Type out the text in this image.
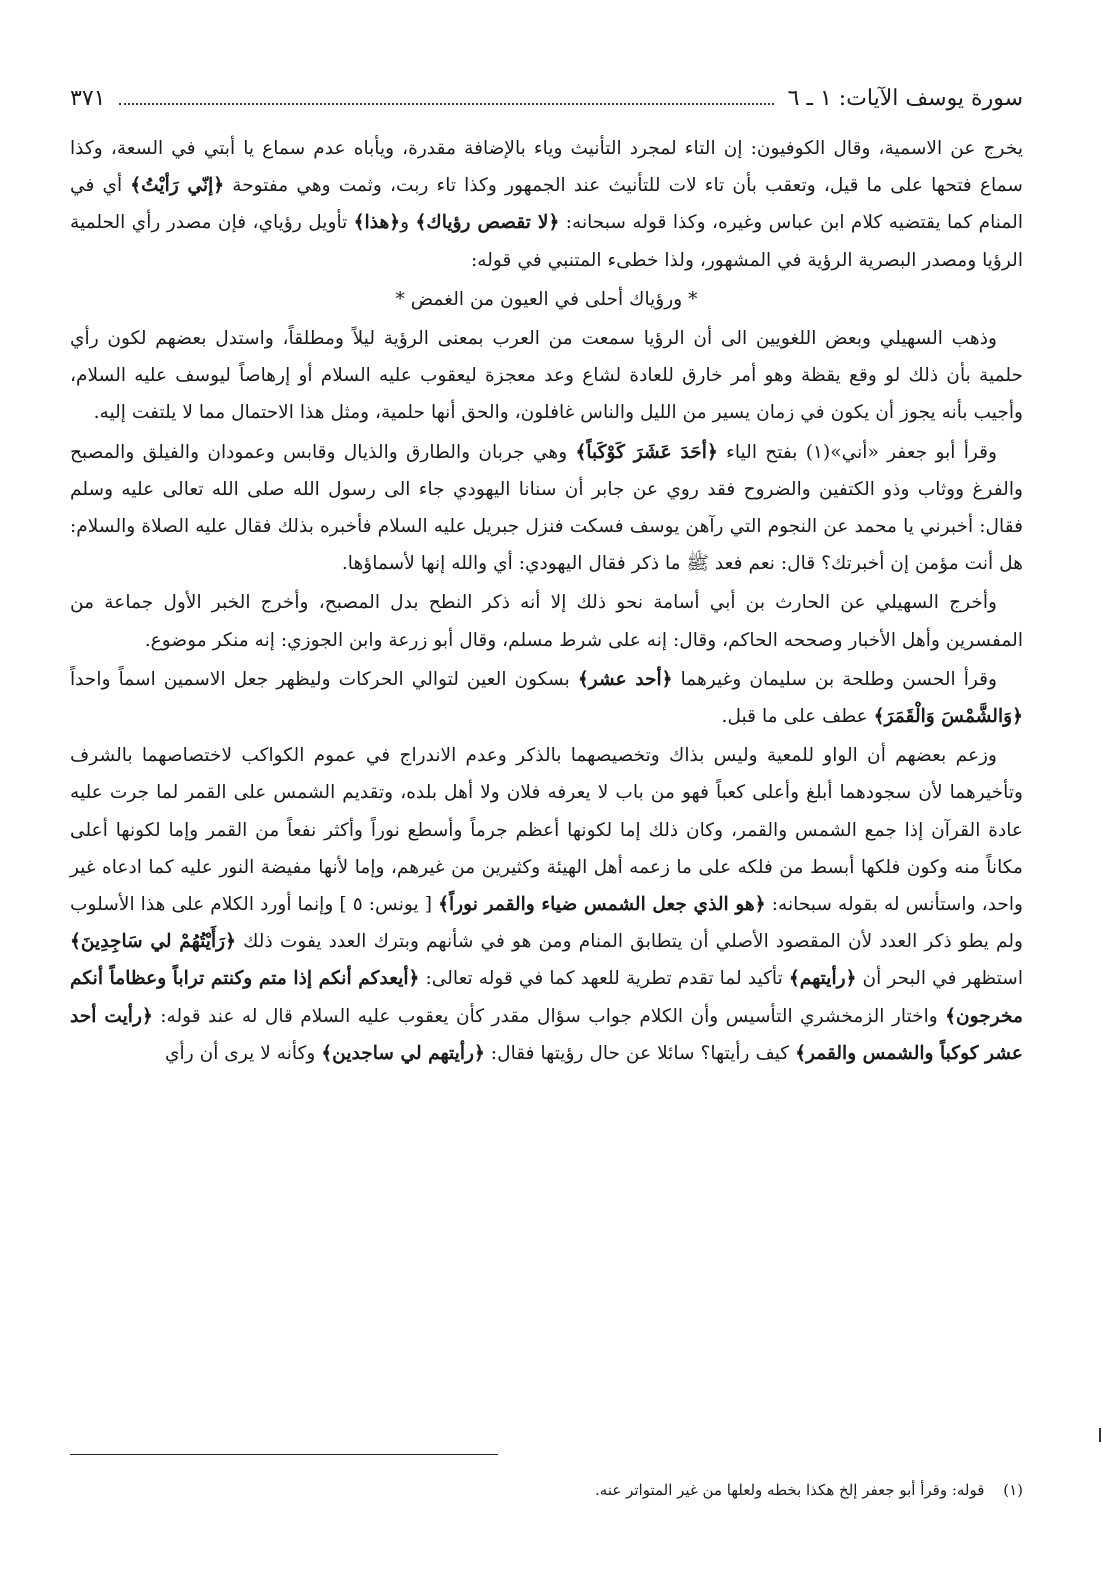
سورة يوسف الآيات: ١ ـ ٦
٣٧١

يخرج عن الاسمية، وقال الكوفيون: إن التاء لمجرد التأنيث وياء بالإضافة مقدرة، ويأباه عدم سماع يا أبتي في السعة، وكذا سماع فتحها على ما قيل، وتعقب بأن تاء لات للتأنيث عند الجمهور وكذا تاء ربت، وثمت وهي مفتوحة ﴿إنّي رَأيْتُ﴾ أي في المنام كما يقتضيه كلام ابن عباس وغيره، وكذا قوله سبحانه: ﴿لا تقصص رؤياك﴾ و﴿هذا﴾ تأويل رؤياي، فإن مصدر رأي الحلمية الرؤيا ومصدر البصرية الرؤية في المشهور، ولذا خطىء المتنبي في قوله:

* ورؤياك أحلى في العيون من الغمض *

وذهب السهيلي وبعض اللغويين الى أن الرؤيا سمعت من العرب بمعنى الرؤية ليلاً ومطلقاً، واستدل بعضهم لكون رأي حلمية بأن ذلك لو وقع يقظة وهو أمر خارق للعادة لشاع وعد معجزة ليعقوب عليه السلام أو إرهاصاً ليوسف عليه السلام، وأجيب بأنه يجوز أن يكون في زمان يسير من الليل والناس غافلون، والحق أنها حلمية، ومثل هذا الاحتمال مما لا يلتفت إليه.

وقرأ أبو جعفر «أني»(١) بفتح الياء ﴿أحَدَ عَشَرَ كَوْكَباً﴾ وهي جربان والطارق والذيال وقابس وعمودان والفيلق والمصبح والفرغ ووثاب وذو الكتفين والضروح فقد روي عن جابر أن سنانا اليهودي جاء الى رسول الله صلى الله تعالى عليه وسلم فقال: أخبرني يا محمد عن النجوم التي رآهن يوسف فسكت فنزل جبريل عليه السلام فأخبره بذلك فقال عليه الصلاة والسلام: هل أنت مؤمن إن أخبرتك؟ قال: نعم فعد ﷺ ما ذكر فقال اليهودي: أي والله إنها لأسماؤها.

وأخرج السهيلي عن الحارث بن أبي أسامة نحو ذلك إلا أنه ذكر النطح بدل المصبح، وأخرج الخبر الأول جماعة من المفسرين وأهل الأخبار وصححه الحاكم، وقال: إنه على شرط مسلم، وقال أبو زرعة وابن الجوزي: إنه منكر موضوع.

وقرأ الحسن وطلحة بن سليمان وغيرهما ﴿أحد عشر﴾ بسكون العين لتوالي الحركات وليظهر جعل الاسمين اسماً واحداً ﴿وَالشَّمْسَ وَالْقَمَرَ﴾ عطف على ما قبل.

وزعم بعضهم أن الواو للمعية وليس بذاك وتخصيصهما بالذكر وعدم الاندراج في عموم الكواكب لاختصاصهما بالشرف وتأخيرهما لأن سجودهما أبلغ وأعلى كعباً فهو من باب لا يعرفه فلان ولا أهل بلده، وتقديم الشمس على القمر لما جرت عليه عادة القرآن إذا جمع الشمس والقمر، وكان ذلك إما لكونها أعظم جرماً وأسطع نوراً وأكثر نفعاً من القمر وإما لكونها أعلى مكاناً منه وكون فلكها أبسط من فلكه على ما زعمه أهل الهيئة وكثيرين من غيرهم، وإما لأنها مفيضة النور عليه كما ادعاه غير واحد، واستأنس له بقوله سبحانه: ﴿هو الذي جعل الشمس ضياء والقمر نوراً﴾ [ يونس: ٥ ] وإنما أورد الكلام على هذا الأسلوب ولم يطو ذكر العدد لأن المقصود الأصلي أن يتطابق المنام ومن هو في شأنهم وبترك العدد يفوت ذلك ﴿رَأَيْتُهُمْ لي سَاجِدِينَ﴾ استظهر في البحر أن ﴿رأيتهم﴾ تأكيد لما تقدم تطرية للعهد كما في قوله تعالى: ﴿أيعدكم أنكم إذا متم وكنتم تراباً وعظاماً أنكم مخرجون﴾ واختار الزمخشري التأسيس وأن الكلام جواب سؤال مقدر كأن يعقوب عليه السلام قال له عند قوله: ﴿رأيت أحد عشر كوكباً والشمس والقمر﴾ كيف رأيتها؟ سائلا عن حال رؤيتها فقال: ﴿رأيتهم لي ساجدين﴾ وكأنه لا يرى أن رأي

(١) قوله: وقرأ أبو جعفر إلخ هكذا بخطه ولعلها من غير المتواتر عنه.
